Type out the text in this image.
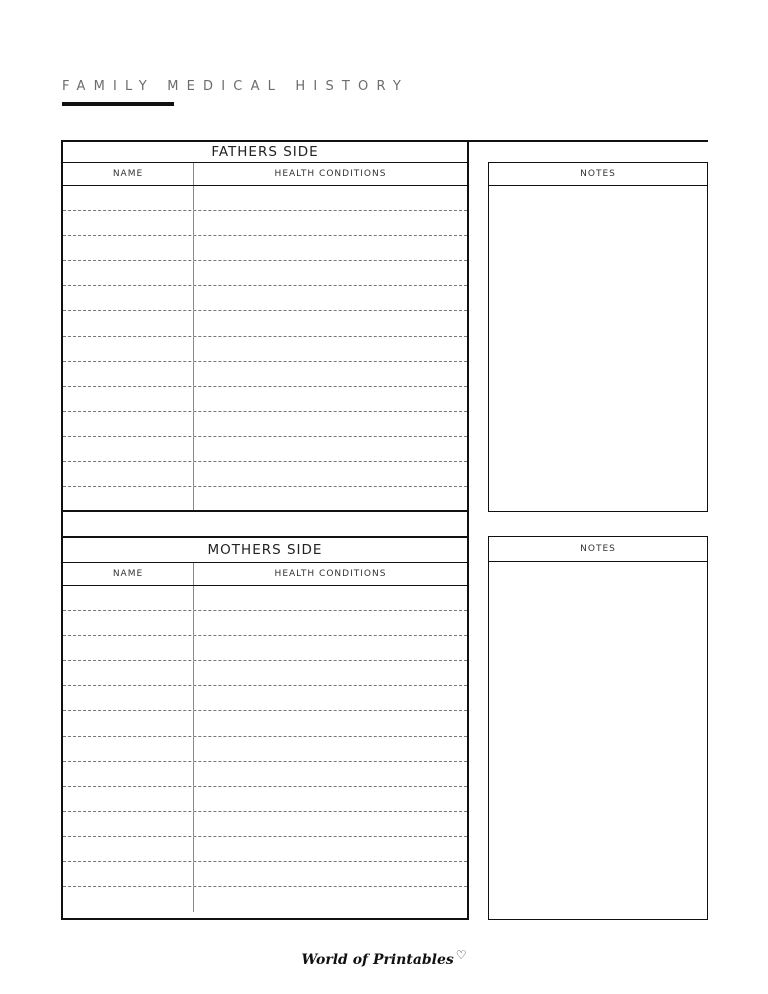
FAMILY MEDICAL HISTORY
FATHERS SIDE
NAME	HEALTH CONDITIONS
MOTHERS SIDE
NAME	HEALTH CONDITIONS
NOTES
NOTES
World of Printables ♡
